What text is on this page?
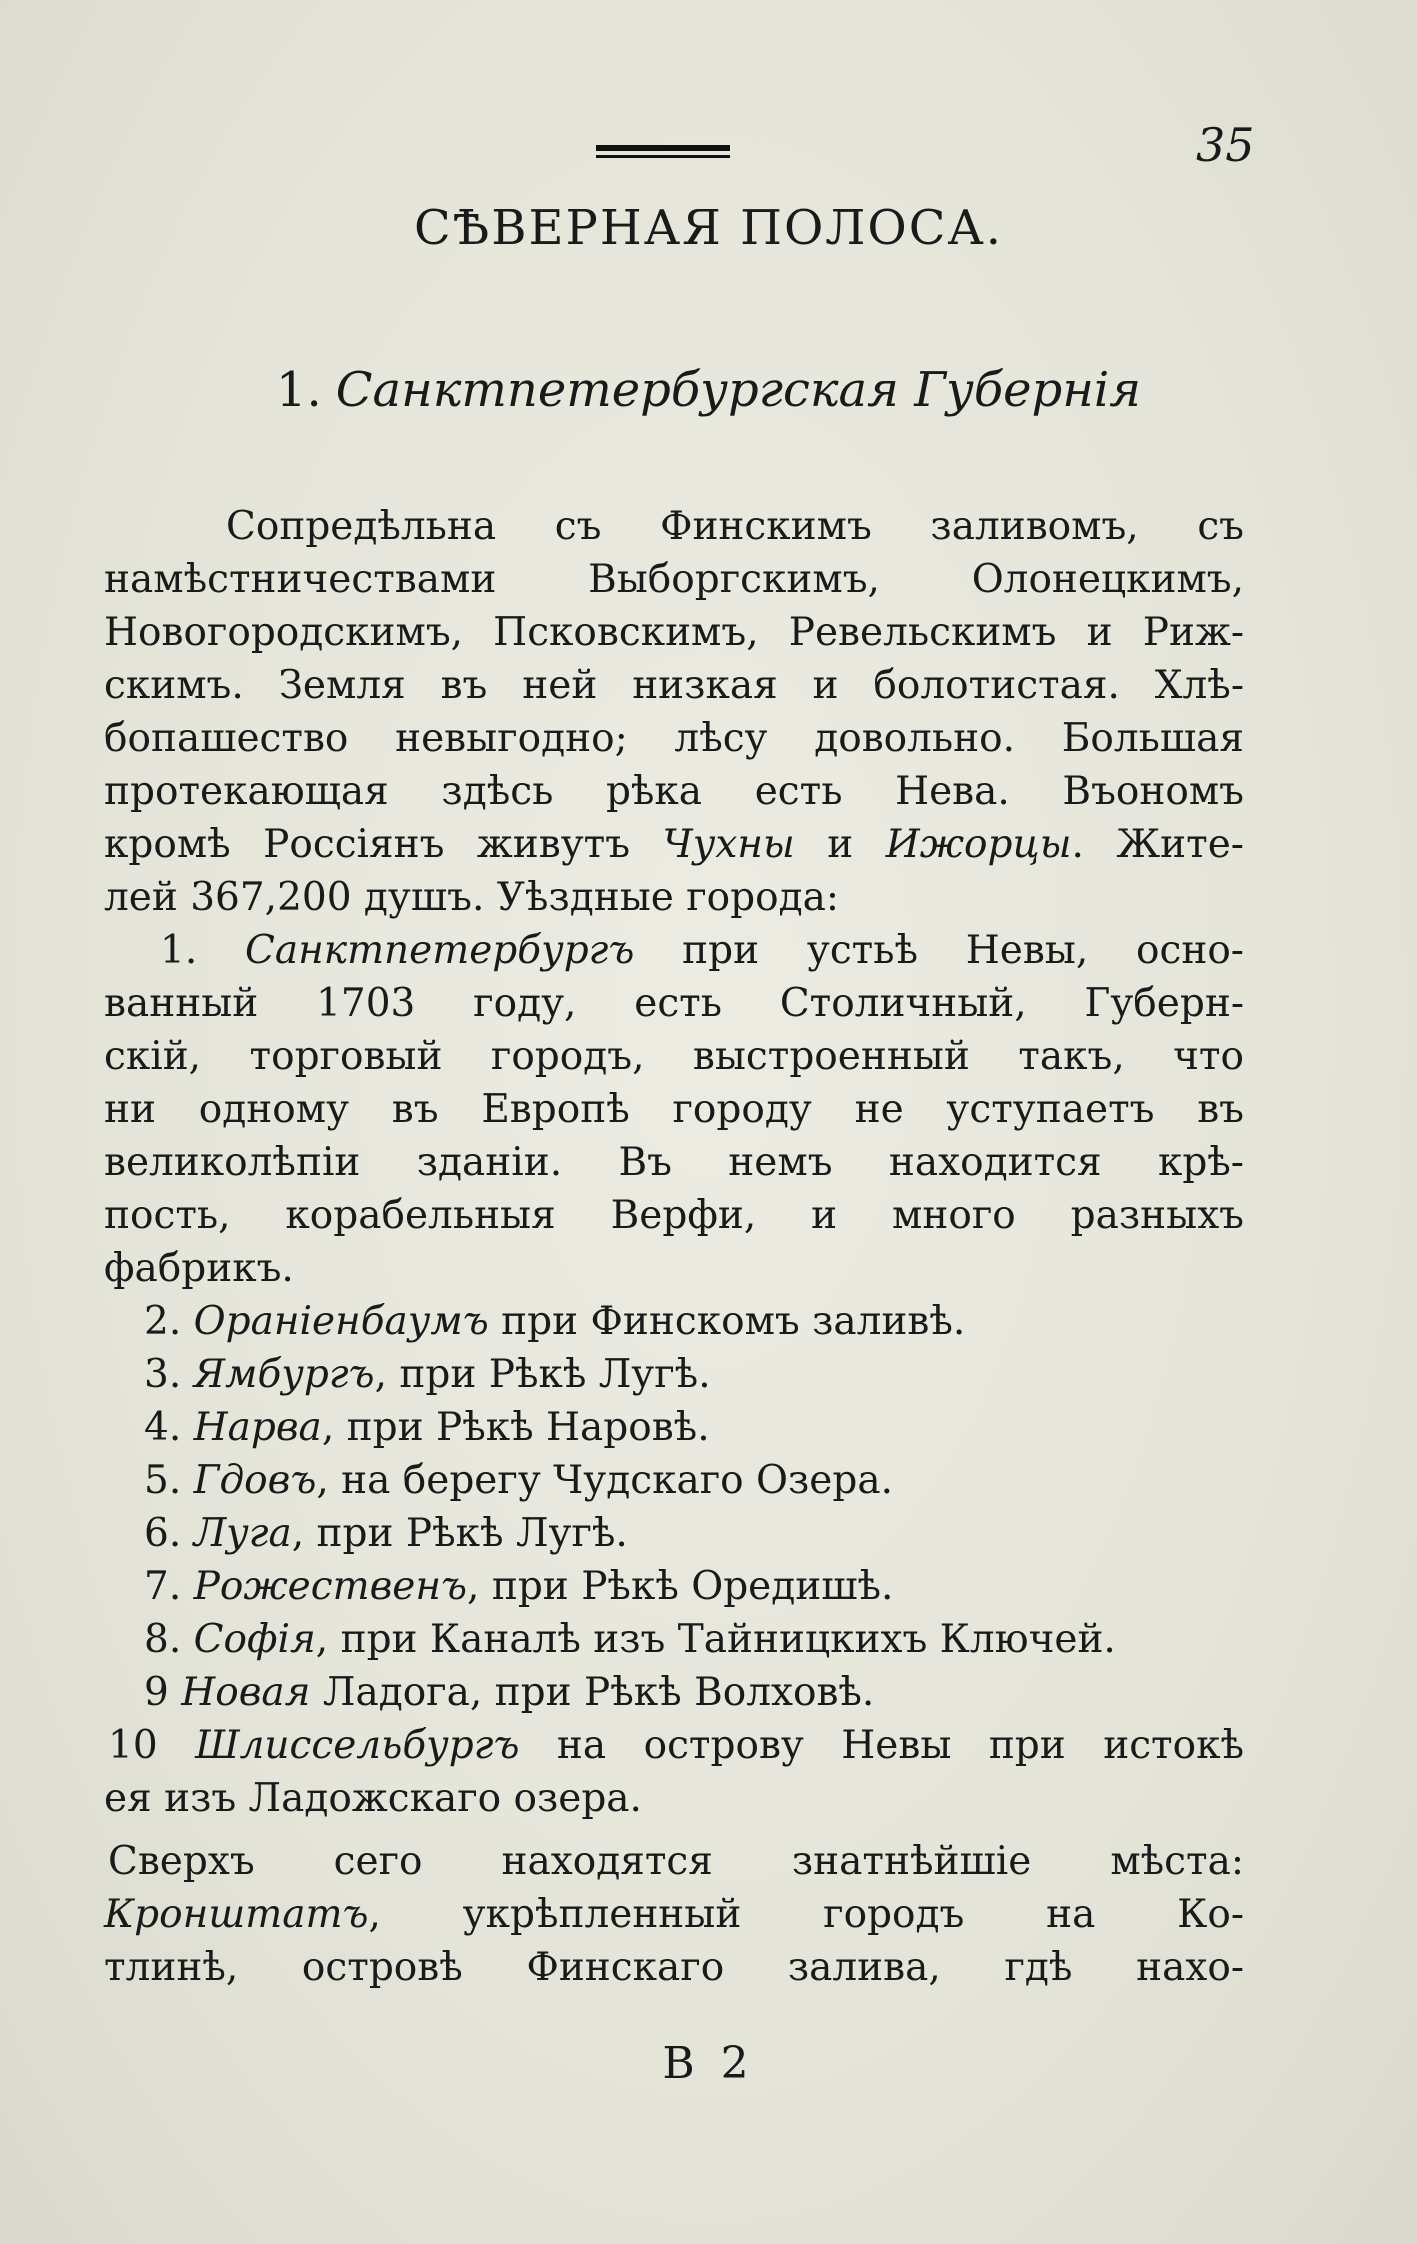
35
СѢВЕРНАЯ ПОЛОСА.
1. Санктпетербургская Губернія
Сопредѣльна съ Финскимъ заливомъ, съ
намѣстничествами Выборгскимъ, Олонецкимъ,
Новогородскимъ, Псковскимъ, Ревельскимъ и Риж-
скимъ. Земля въ ней низкая и болотистая. Хлѣ-
бопашество невыгодно; лѣсу довольно. Большая
протекающая здѣсь рѣка есть Нева. Въономъ
кромѣ Россіянъ живутъ Чухны и Ижорцы. Жите-
лей 367,200 душъ. Уѣздные города:
1. Санктпетербургъ при устьѣ Невы, осно-
ванный 1703 году, есть Столичный, Губерн-
скій, торговый городъ, выстроенный такъ, что
ни одному въ Европѣ городу не уступаетъ въ
великолѣпіи зданіи. Въ немъ находится крѣ-
пость, корабельныя Верфи, и много разныхъ
фабрикъ.
2. Ораніенбаумъ при Финскомъ заливѣ.
3. Ямбургъ, при Рѣкѣ Лугѣ.
4. Нарва, при Рѣкѣ Наровѣ.
5. Гдовъ, на берегу Чудскаго Озера.
6. Луга, при Рѣкѣ Лугѣ.
7. Рожественъ, при Рѣкѣ Оредишѣ.
8. Софія, при Каналѣ изъ Тайницкихъ Ключей.
9 Новая Ладога, при Рѣкѣ Волховѣ.
10 Шлиссельбургъ на острову Невы при истокѣ
ея изъ Ладожскаго озера.
Сверхъ сего находятся знатнѣйшіе мѣста:
Кронштатъ, укрѣпленный городъ на Ко-
тлинѣ, островѣ Финскаго залива, гдѣ нахо-
В 2
